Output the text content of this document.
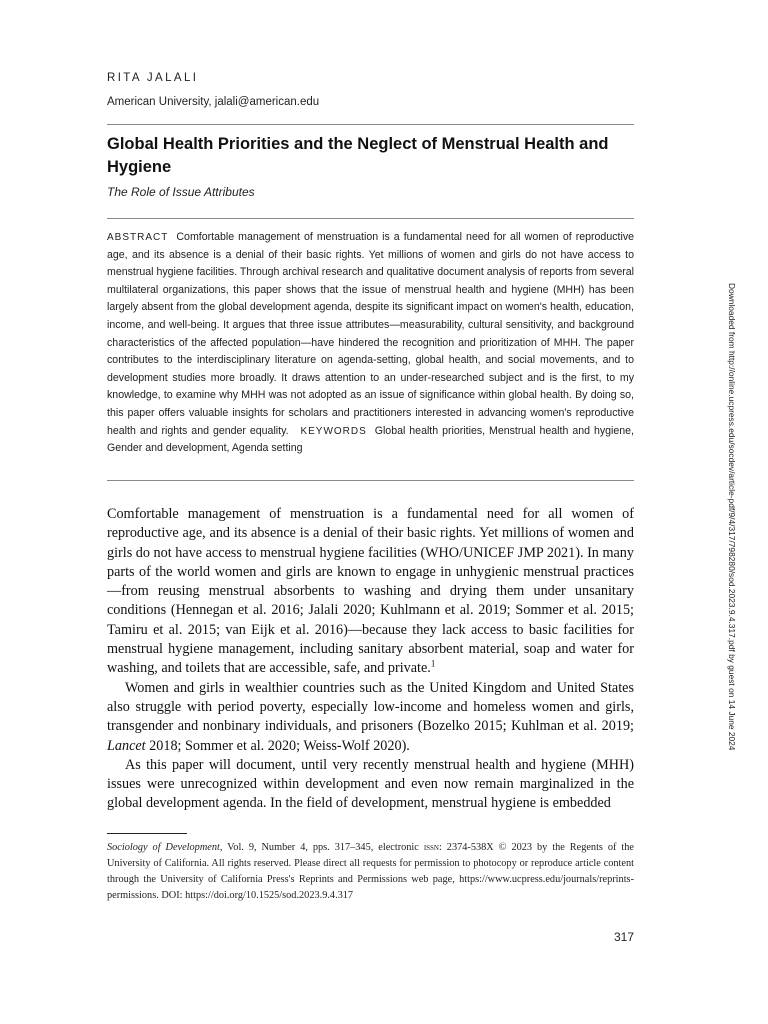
RITA JALALI
American University, jalali@american.edu
Global Health Priorities and the Neglect of Menstrual Health and Hygiene
The Role of Issue Attributes

ABSTRACT Comfortable management of menstruation is a fundamental need for all women of reproductive age, and its absence is a denial of their basic rights. Yet millions of women and girls do not have access to menstrual hygiene facilities. Through archival research and qualitative document analysis of reports from several multilateral organizations, this paper shows that the issue of menstrual health and hygiene (MHH) has been largely absent from the global development agenda, despite its significant impact on women's health, education, income, and well-being. It argues that three issue attributes—measurability, cultural sensitivity, and background characteristics of the affected population—have hindered the recognition and prioritization of MHH. The paper contributes to the interdisciplinary literature on agenda-setting, global health, and social movements, and to development studies more broadly. It draws attention to an under-researched subject and is the first, to my knowledge, to examine why MHH was not adopted as an issue of significance within global health. By doing so, this paper offers valuable insights for scholars and practitioners interested in advancing women's reproductive health and rights and gender equality. KEYWORDS Global health priorities, Menstrual health and hygiene, Gender and development, Agenda setting

Comfortable management of menstruation is a fundamental need for all women of reproductive age, and its absence is a denial of their basic rights. Yet millions of women and girls do not have access to menstrual hygiene facilities (WHO/UNICEF JMP 2021). In many parts of the world women and girls are known to engage in unhygienic menstrual practices—from reusing menstrual absorbents to washing and drying them under unsanitary conditions (Hennegan et al. 2016; Jalali 2020; Kuhlmann et al. 2019; Sommer et al. 2015; Tamiru et al. 2015; van Eijk et al. 2016)—because they lack access to basic facilities for menstrual hygiene management, including sanitary absorbent material, soap and water for washing, and toilets that are accessible, safe, and private.$^1$

Women and girls in wealthier countries such as the United Kingdom and United States also struggle with period poverty, especially low-income and homeless women and girls, transgender and nonbinary individuals, and prisoners (Bozelko 2015; Kuhlman et al. 2019; Lancet 2018; Sommer et al. 2020; Weiss-Wolf 2020).

As this paper will document, until very recently menstrual health and hygiene (MHH) issues were unrecognized within development and even now remain marginalized in the global development agenda. In the field of development, menstrual hygiene is embedded

Sociology of Development, Vol. 9, Number 4, pps. 317–345, electronic issn: 2374-538X © 2023 by the Regents of the University of California. All rights reserved. Please direct all requests for permission to photocopy or reproduce article content through the University of California Press's Reprints and Permissions web page, https://www.ucpress.edu/journals/reprints-permissions. DOI: https://doi.org/10.1525/sod.2023.9.4.317

317
Downloaded from http://online.ucpress.edu/socdev/article-pdf/9/4/317/798280/sod.2023.9.4.317.pdf by guest on 14 June 2024
